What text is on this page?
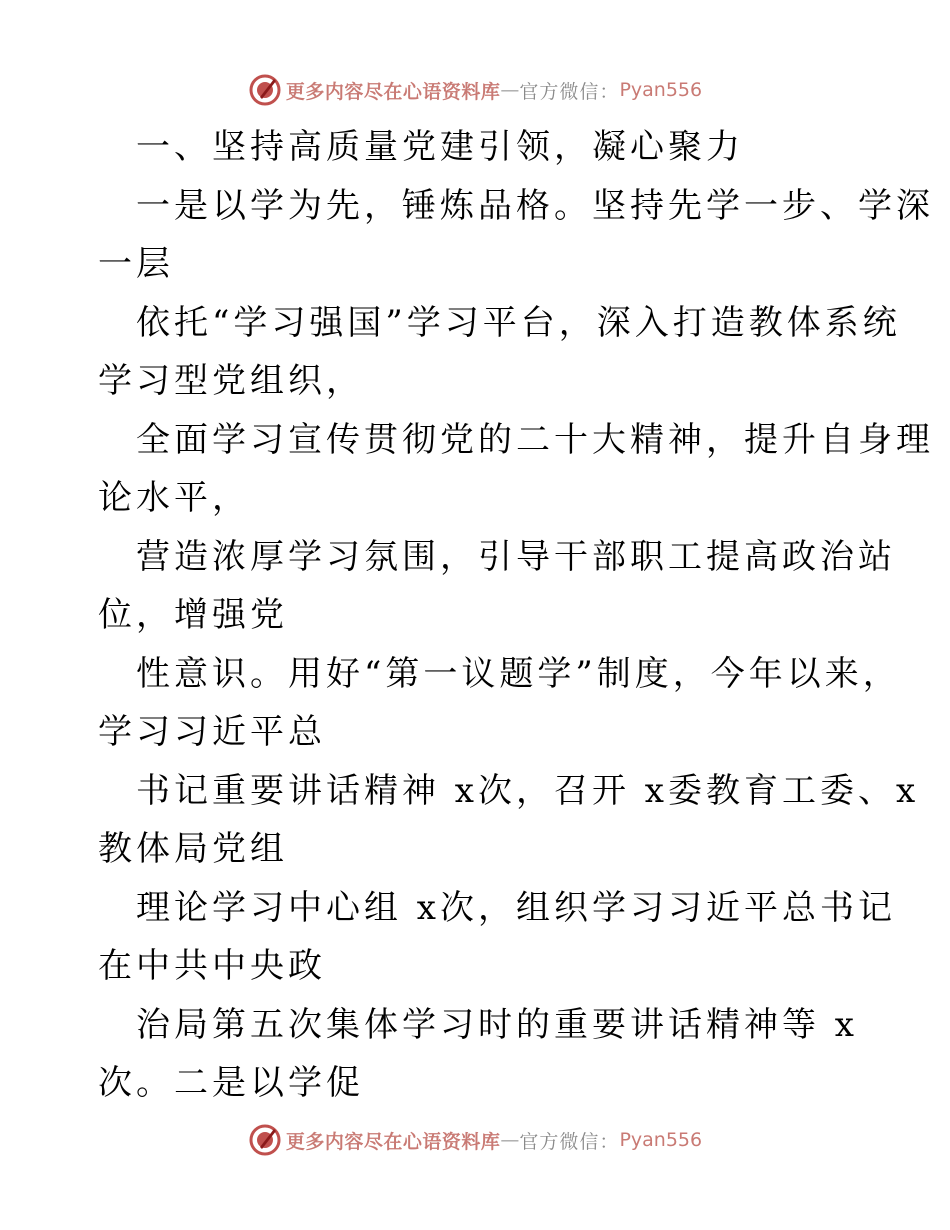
更多内容尽在心语资料库 — 官方微信： Pyan556
一、坚持高质量党建引领，凝心聚力
一是以学为先，锤炼品格。坚持先学一步、学深
一层
依托“学习强国”学习平台，深入打造教体系统
学习型党组织，
全面学习宣传贯彻党的二十大精神，提升自身理
论水平，
营造浓厚学习氛围，引导干部职工提高政治站
位，增强党
性意识。用好“第一议题学”制度，今年以来，
学习习近平总
书记重要讲话精神 x次，召开 x委教育工委、x
教体局党组
理论学习中心组 x次，组织学习习近平总书记
在中共中央政
治局第五次集体学习时的重要讲话精神等 x
次。二是以学促
更多内容尽在心语资料库 — 官方微信： Pyan556
